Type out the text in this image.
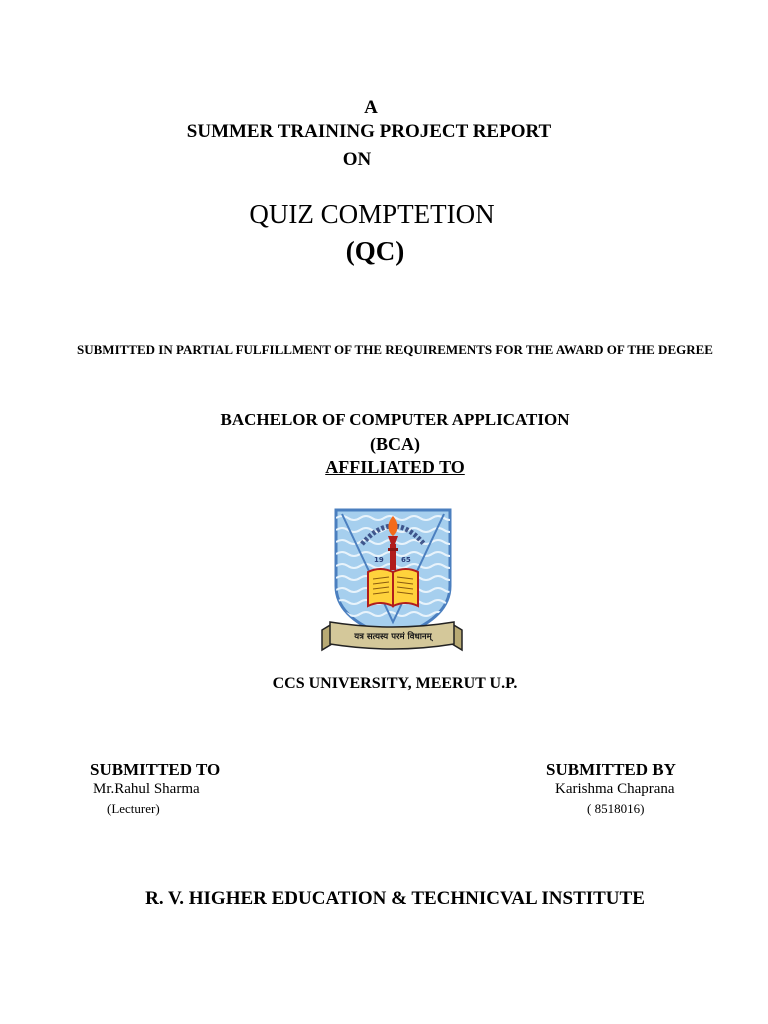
A
SUMMER TRAINING PROJECT REPORT
ON
QUIZ COMPTETION
(QC)
SUBMITTED IN PARTIAL FULFILLMENT OF THE REQUIREMENTS FOR THE AWARD OF THE DEGREE
BACHELOR OF COMPUTER APPLICATION
(BCA)
AFFILIATED TO
19 65
यत्र सत्यस्य परमं विधानम्
CCS UNIVERSITY, MEERUT U.P.
SUBMITTED TO
Mr.Rahul Sharma
(Lecturer)
SUBMITTED BY
Karishma Chaprana
( 8518016)
R. V. HIGHER EDUCATION & TECHNICVAL INSTITUTE
